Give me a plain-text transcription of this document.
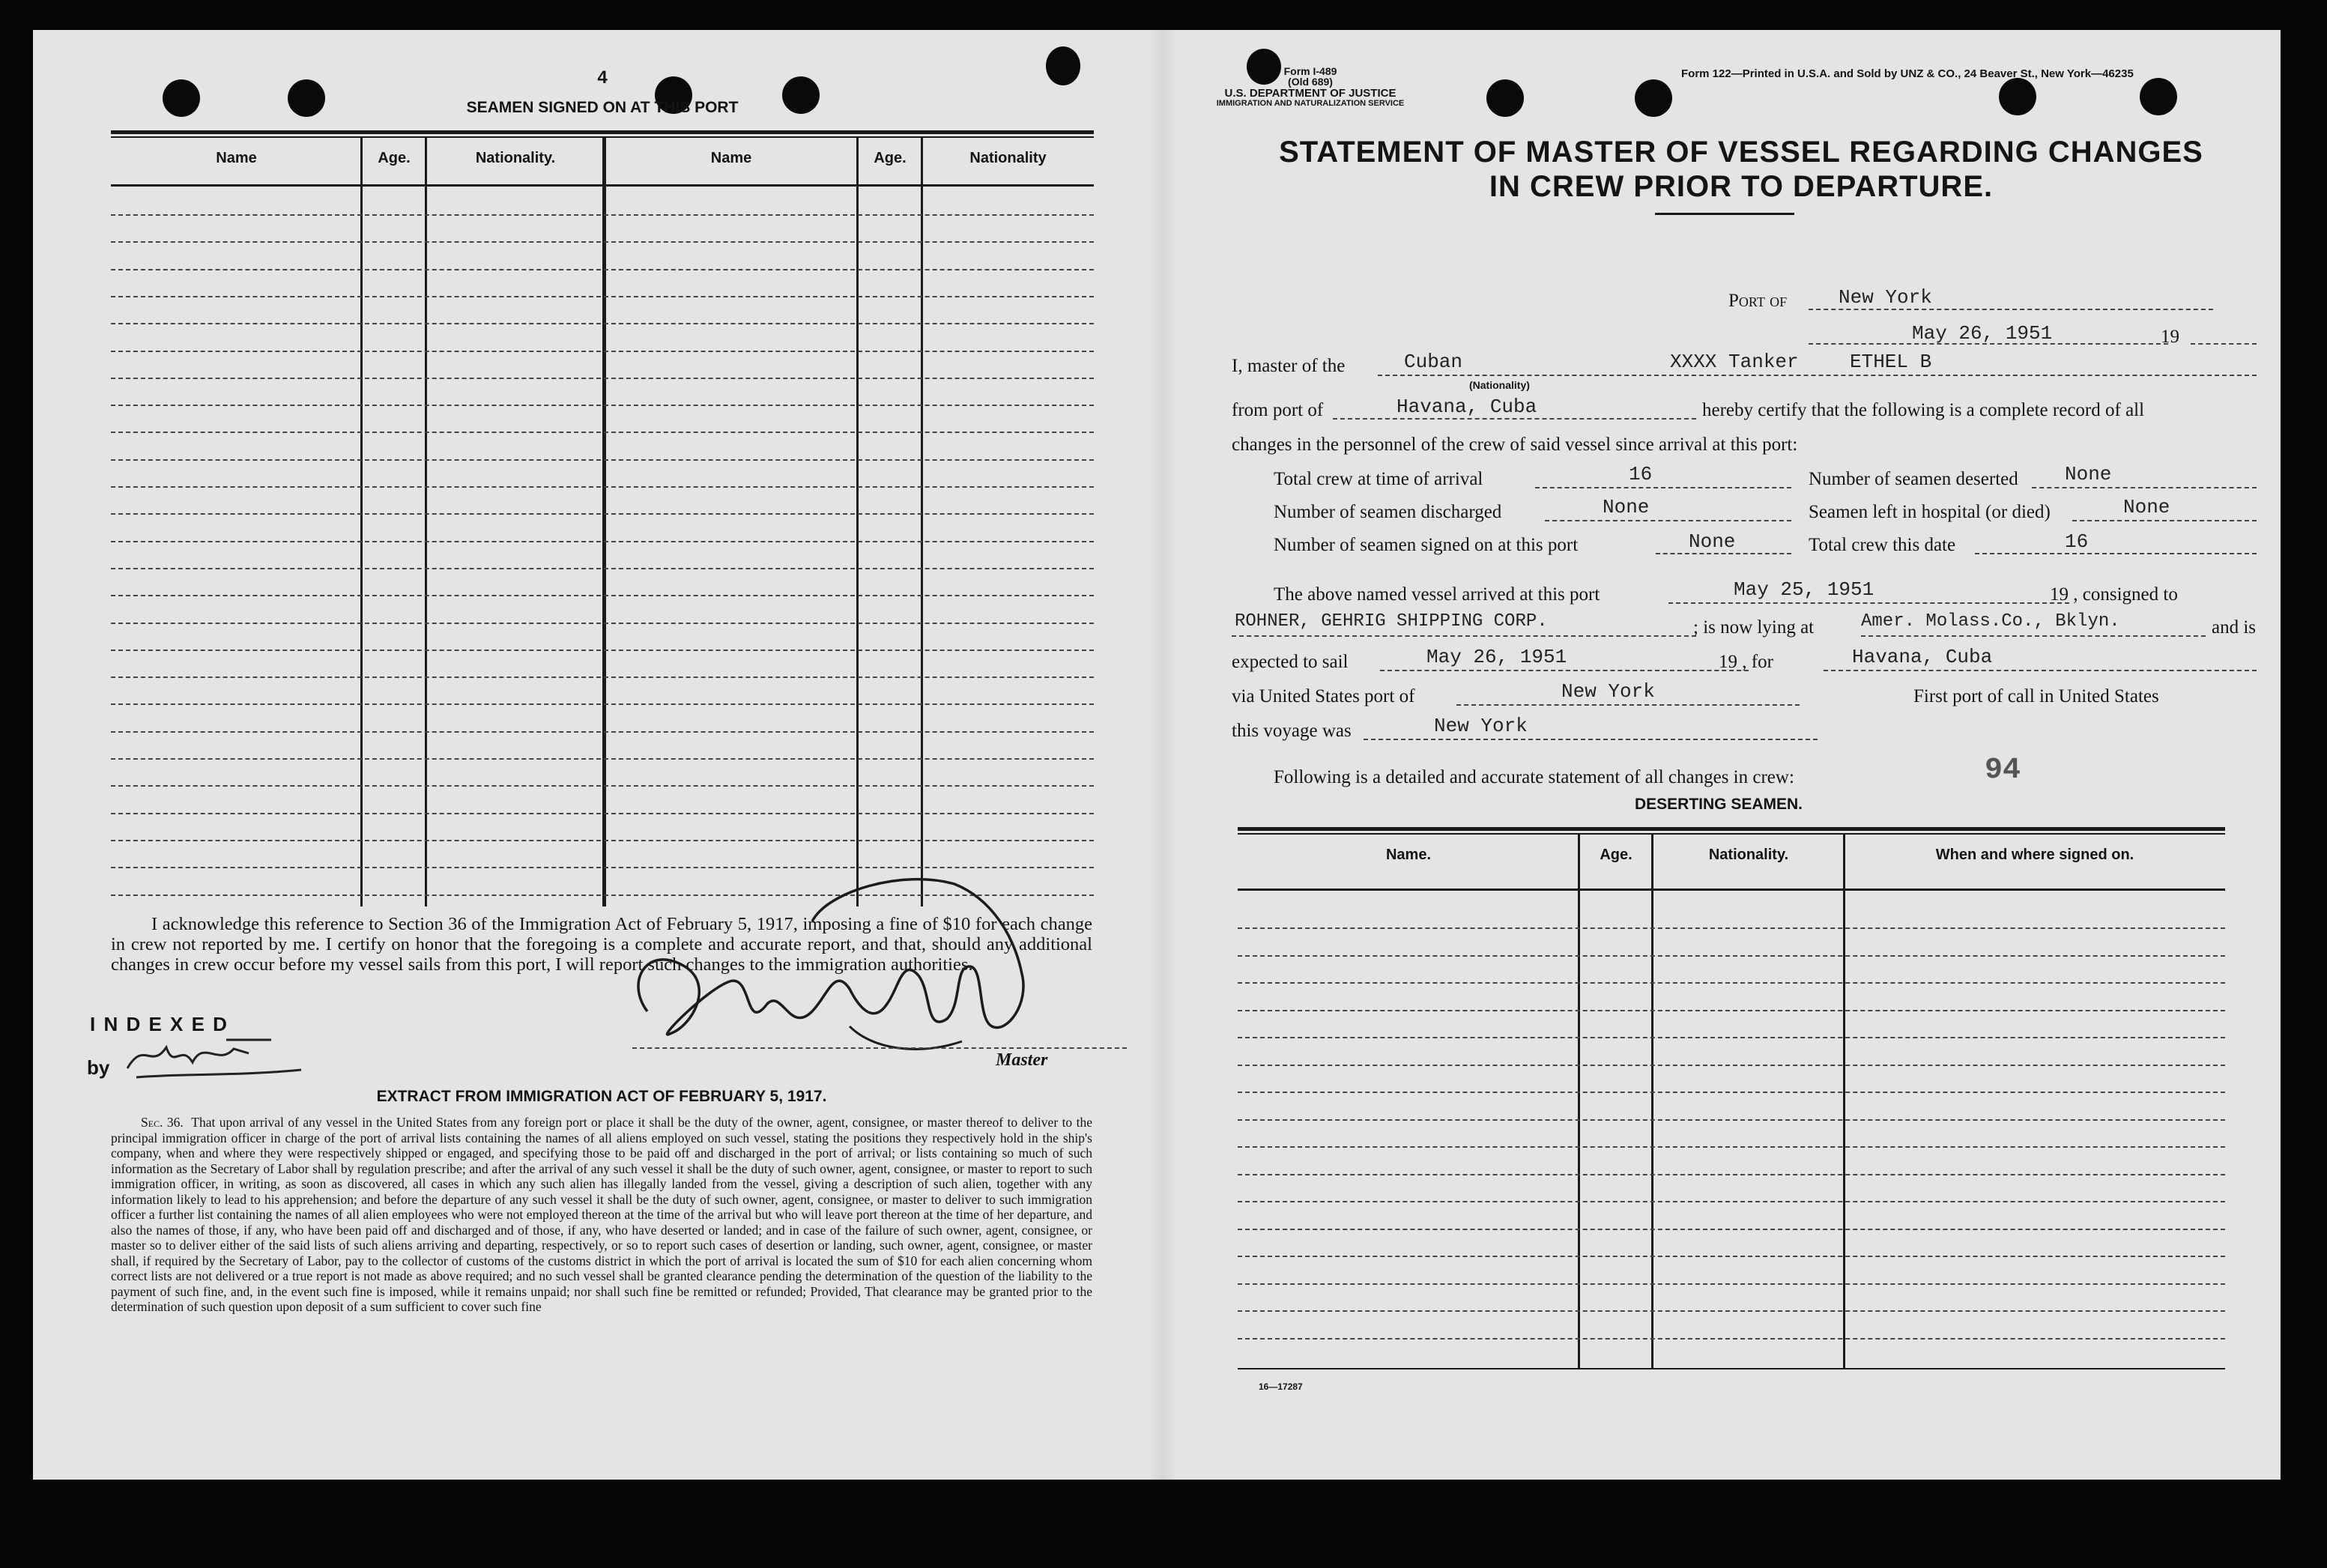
4
SEAMEN SIGNED ON AT THIS PORT
Name	Age.	Nationality.	Name	Age.	Nationality
I acknowledge this reference to Section 36 of the Immigration Act of February 5, 1917, imposing a fine of $10 for each change in crew not reported by me. I certify on honor that the foregoing is a complete and accurate report, and that, should any additional changes in crew occur before my vessel sails from this port, I will report such changes to the immigration authorities.
I N D E X E D
by	Master
EXTRACT FROM IMMIGRATION ACT OF FEBRUARY 5, 1917.
Sec. 36. That upon arrival of any vessel in the United States from any foreign port or place it shall be the duty of the owner, agent, consignee, or master thereof to deliver to the principal immigration officer in charge of the port of arrival lists containing the names of all aliens employed on such vessel, stating the positions they respectively hold in the ship's company, when and where they were respectively shipped or engaged, and specifying those to be paid off and discharged in the port of arrival; or lists containing so much of such information as the Secretary of Labor shall by regulation prescribe; and after the arrival of any such vessel it shall be the duty of such owner, agent, consignee, or master to report to such immigration officer, in writing, as soon as discovered, all cases in which any such alien has illegally landed from the vessel, giving a description of such alien, together with any information likely to lead to his apprehension; and before the departure of any such vessel it shall be the duty of such owner, agent, consignee, or master to deliver to such immigration officer a further list containing the names of all alien employees who were not employed thereon at the time of the arrival but who will leave port thereon at the time of her departure, and also the names of those, if any, who have been paid off and discharged and of those, if any, who have deserted or landed; and in case of the failure of such owner, agent, consignee, or master so to deliver either of the said lists of such aliens arriving and departing, respectively, or so to report such cases of desertion or landing, such owner, agent, consignee, or master shall, if required by the Secretary of Labor, pay to the collector of customs of the customs district in which the port of arrival is located the sum of $10 for each alien concerning whom correct lists are not delivered or a true report is not made as above required; and no such vessel shall be granted clearance pending the determination of the question of the liability to the payment of such fine, and, in the event such fine is imposed, while it remains unpaid; nor shall such fine be remitted or refunded; Provided, That clearance may be granted prior to the determination of such question upon deposit of a sum sufficient to cover such fine
Form I-489
(Old 689)
U.S. DEPARTMENT OF JUSTICE
IMMIGRATION AND NATURALIZATION SERVICE
Form 122—Printed in U.S.A. and Sold by UNZ & CO., 24 Beaver St., New York—46235
STATEMENT OF MASTER OF VESSEL REGARDING CHANGES
IN CREW PRIOR TO DEPARTURE.
Port of	New York
May 26, 1951	19
I, master of the	Cuban	XXXX Tanker	ETHEL B
(Nationality)
from port of	Havana, Cuba	hereby certify that the following is a complete record of all
changes in the personnel of the crew of said vessel since arrival at this port:
Total crew at time of arrival	16	Number of seamen deserted None
Number of seamen discharged	None	Seamen left in hospital (or died)	None
Number of seamen signed on at this port	None	Total crew this date	16
The above named vessel arrived at this port	May 25, 1951	19 , consigned to
ROHNER, GEHRIG SHIPPING CORP.	; is now lying at	Amer. Molass.Co., Bklyn.	and is
expected to sail	May 26, 1951	19 , for	Havana, Cuba
via United States port of	New York	First port of call in United States
this voyage was	New York
Following is a detailed and accurate statement of all changes in crew:	94
DESERTING SEAMEN.
Name.	Age.	Nationality.	When and where signed on.
16—17287
